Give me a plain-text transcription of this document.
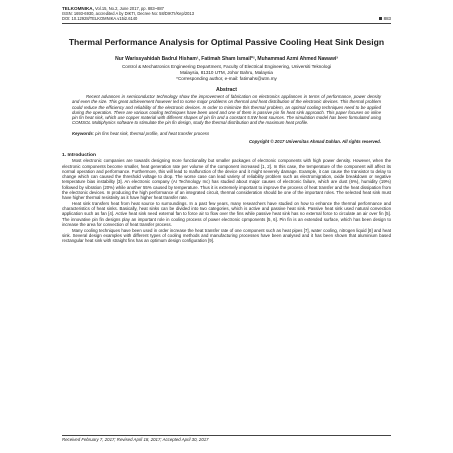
TELKOMNIKA, Vol.15, No.2, June 2017, pp. 883~887
ISSN: 1693-6930, accredited A by DIKTI, Decree No: 58/DIKTI/Kep/2013
DOI: 10.12928/TELKOMNIKA.v15i2.6140	883
Thermal Performance Analysis for Optimal Passive Cooling Heat Sink Design
Nur Warissyahidah Badrul Hisham¹, Fatimah Sham Ismail*², Muhammad Azmi Ahmed Nawawi³
Control & Mechatronics Engineering Department, Faculty of Electrical Engineering, Universiti Teknologi
Malaysia, 81310 UTM, Johor Bahru, Malaysia
*Corresponding author, e-mail: fatimahs@utm.my
Abstract
Recent advances in semiconductor technology show the improvement of fabrication on electronics appliances in terms of performance, power density and even the size. This great achievement however led to some major problems on thermal and heat distribution of the electronic devices. This thermal problem could reduce the efficiency and reliability of the electronic devices. In order to minimize this thermal problem, an optimal cooling techniques need to be applied during the operation. There are various cooling techniques have been used and one of them is passive pin fin heat sink approach. This paper focuses on inline pin fin heat sink, which use copper material with different shapes of pin fin and a constant 5.5W heat sources. The simulation model has been formulated using COMSOL Multiphysics software to stimulate the pin fin design, study the thermal distribution and the maximum heat profile.
Keywords: pin fins heat sink, thermal profile, and heat transfer process
Copyright © 2017 Universitas Ahmad Dahlan. All rights reserved.
1. Introduction
Most electronic companies are towards designing more functionality but smaller packages of electronic components with high power density. However, when the electronic components become smaller, heat generation rate per volume of the component increased [1, 2]. In this case, the temperature of the component will affect its normal operation and performance. Furthermore, this will lead to malfunction of the device and it might severely damage. Example, it can cause the transistor to delay to change which can caused the threshold voltage to drop. The worse case can lead variety of reliability problem such as electromigration, oxide breakdown or negative temperature bias instability [3]. An electronic company (AI Technology Inc) has studied about major causes of electronic failure, which are dust (6%), humidity (19%) followed by vibration (20%) while another 55% caused by temperature. Thus it is extremely important to improve the process of heat transfer and the heat dissipation from the electronic devices. In producing the high performance of an integrated circuit, thermal consideration should be one of the important roles. The selected heat sink must have higher thermal resistivity as it have higher heat transfer rate.
Heat sink transfers heat from heat source to surroundings. In a past few years, many researchers have studied on how to enhance the thermal performance and characteristics of heat sinks. Basically, heat sinks can be divided into two categories, which is active and passive heat sink. Passive heat sink used natural convection application such as fan [4]. Active heat sink need external fan to force air to flow over the fins while passive heat sink has no external force to circulate an air over fin [5]. The innovative pin fin designs play an important role in cooling process of power electronic cpmponents [5, 6]. Pin fin is an extended surface, which has been design to increase the area for convection of heat transfer process.
Many cooling techniques have been used in order increase the heat transfer rate of one component such as heat pipes [7], water cooling, nitrogen liquid [8] and heat sink. Several design examples with different types of cooling methods and manufacturing processes have been analysed and it has been shown that aluminium based rectangular heat sink with straight fins has an optimum design configuration [9].
Received February 7, 2017; Revised April 18, 2017; Accepted April 30, 2017
